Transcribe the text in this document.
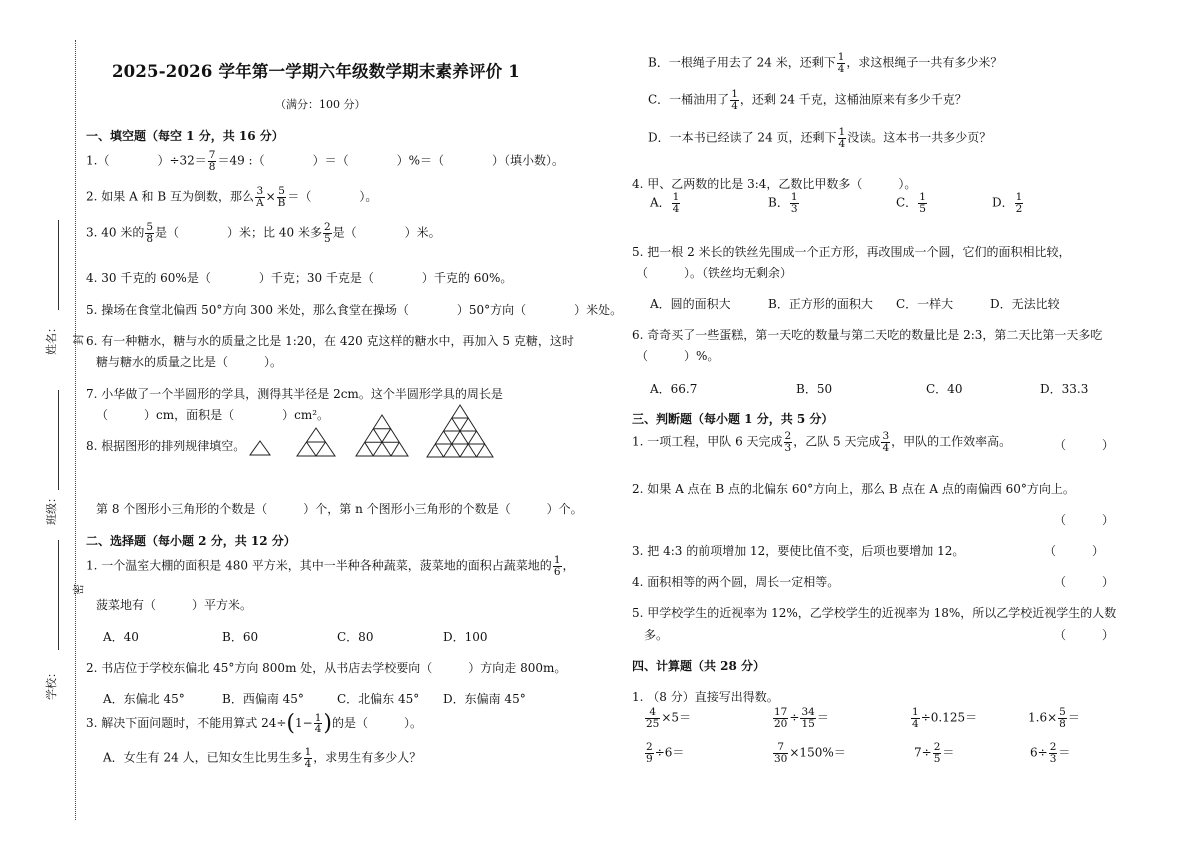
姓名：
班级：
学校：
封
密
2025-2026 学年第一学期六年级数学期末素养评价 1
（满分：100 分）
一、填空题（每空 1 分，共 16 分）
1.（　　　　）$\div 32= \frac{7}{8} =49$ :（　　　　）＝（　　　　）%＝（　　　　）（填小数）。
2. 如果 A 和 B 互为倒数，那么 $\frac{3}{A} \times \frac{5}{B}$ ＝（　　　　）。
3. 40 米的 $\frac{5}{8}$ 是（　　　　）米；比 40 米多 $\frac{2}{5}$ 是（　　　　）米。
4. 30 千克的 60%是（　　　　）千克；30 千克是（　　　　）千克的 60%。
5. 操场在食堂北偏西 50°方向 300 米处，那么食堂在操场（　　　　）50°方向（　　　　）米处。
6. 有一种糖水，糖与水的质量之比是 1:20，在 420 克这样的糖水中，再加入 5 克糖，这时
糖与糖水的质量之比是（　　　）。
7. 小华做了一个半圆形的学具，测得其半径是 2cm。这个半圆形学具的周长是
（　　　）cm，面积是（　　　　）cm²。
8. 根据图形的排列规律填空。
第 8 个图形小三角形的个数是（　　　）个，第 n 个图形小三角形的个数是（　　　）个。
二、选择题（每小题 2 分，共 12 分）
1. 一个温室大棚的面积是 480 平方米，其中一半种各种蔬菜，菠菜地的面积占蔬菜地的 $\frac{1}{6}$ ，
菠菜地有（　　　）平方米。
A．40	B．60	C．80	D．100
2. 书店位于学校东偏北 45°方向 800m 处，从书店去学校要向（　　　）方向走 800m。
A．东偏北 45°	B．西偏南 45°	C．北偏东 45° D．东偏南 45°
3. 解决下面问题时，不能用算式 $24\div(1- \frac{1}{4}$ )的是（　　　）。
A．女生有 24 人，已知女生比男生多 $\frac{1}{4}$ ，求男生有多少人？
B．一根绳子用去了 24 米，还剩下 $\frac{1}{4}$ ，求这根绳子一共有多少米？
C．一桶油用了 $\frac{1}{4}$ ，还剩 24 千克，这桶油原来有多少千克？
D．一本书已经读了 24 页，还剩下 $\frac{1}{4}$ 没读。这本书一共多少页？
4. 甲、乙两数的比是 3:4，乙数比甲数多（　　　）。
A． $\frac{1}{4}$	B． $\frac{1}{3}$	C． $\frac{1}{5}$	D． $\frac{1}{2}$
5. 把一根 2 米长的铁丝先围成一个正方形，再改围成一个圆，它们的面积相比较，
（　　　）。（铁丝均无剩余）
A．圆的面积大	B．正方形的面积大 C．一样大	D．无法比较
6. 奇奇买了一些蛋糕，第一天吃的数量与第二天吃的数量比是 2:3，第二天比第一天多吃
（　　　）%。
A．66.7	B．50	C．40	D．33.3
三、判断题（每小题 1 分，共 5 分）
1. 一项工程，甲队 6 天完成 $\frac{2}{3}$ ，乙队 5 天完成 $\frac{3}{4}$ ，甲队的工作效率高。	（　　　）
2. 如果 A 点在 B 点的北偏东 60°方向上，那么 B 点在 A 点的南偏西 60°方向上。
（　　　）
3. 把 4:3 的前项增加 12，要使比值不变，后项也要增加 12。	（　　　）
4. 面积相等的两个圆，周长一定相等。	（　　　）
5. 甲学校学生的近视率为 12%，乙学校学生的近视率为 18%，所以乙学校近视学生的人数
多。	（　　　）
四、计算题（共 28 分）
1. （8 分）直接写出得数。
$\frac{4}{25} \times 5=$	$\frac{17}{20} \div \frac{34}{15}$ ＝	$\frac{1}{4} \div 0.125=$	$1.6\times \frac{5}{8}$ ＝
$\frac{2}{9} \div 6=$	$\frac{7}{30} \times 150\%=$	$7\div \frac{2}{5}$ ＝	$6\div \frac{2}{3}$ ＝
